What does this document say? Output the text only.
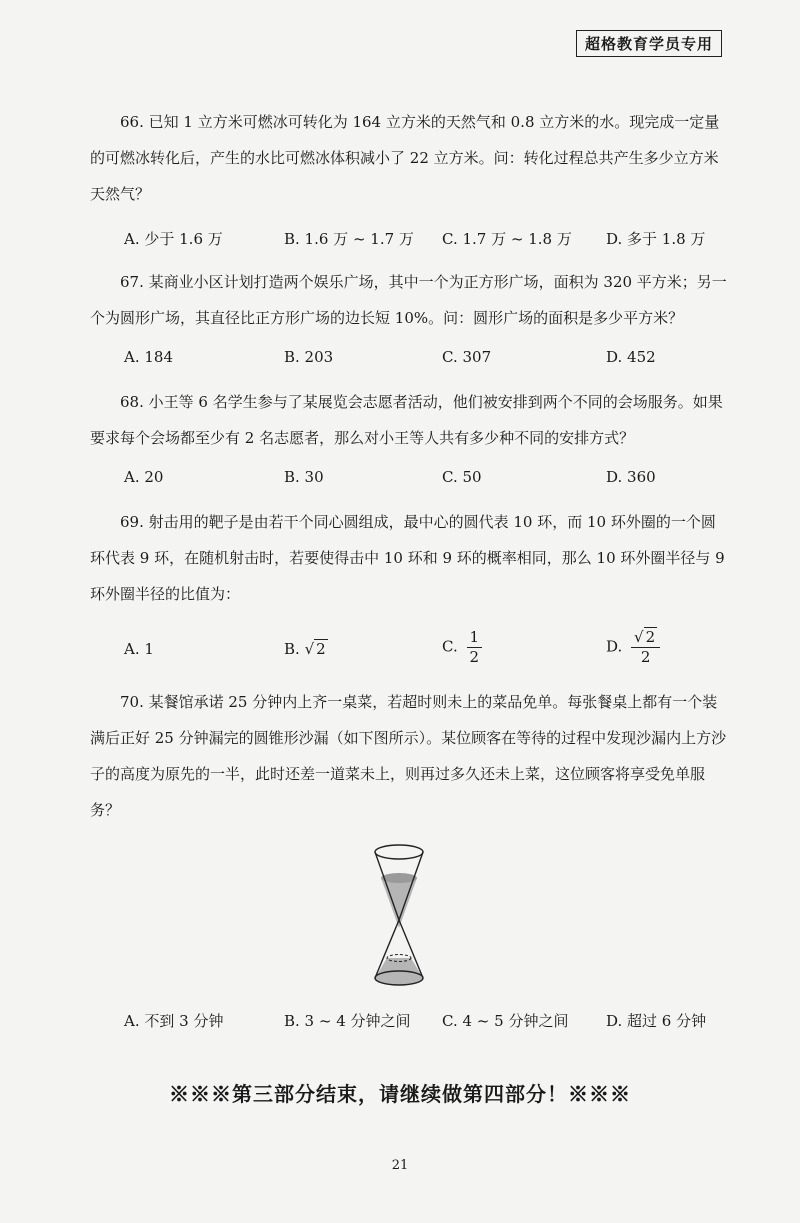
超格教育学员专用
66. 已知 1 立方米可燃冰可转化为 164 立方米的天然气和 0.8 立方米的水。现完成一定量的可燃冰转化后，产生的水比可燃冰体积减小了 22 立方米。问：转化过程总共产生多少立方米天然气？
A. 少于 1.6 万	B. 1.6 万 ~ 1.7 万 C. 1.7 万 ~ 1.8 万 D. 多于 1.8 万
67. 某商业小区计划打造两个娱乐广场，其中一个为正方形广场，面积为 320 平方米；另一个为圆形广场，其直径比正方形广场的边长短 10%。问：圆形广场的面积是多少平方米？
A. 184	B. 203	C. 307	D. 452
68. 小王等 6 名学生参与了某展览会志愿者活动，他们被安排到两个不同的会场服务。如果要求每个会场都至少有 2 名志愿者，那么对小王等人共有多少种不同的安排方式？
A. 20	B. 30	C. 50	D. 360
69. 射击用的靶子是由若干个同心圆组成，最中心的圆代表 10 环，而 10 环外圈的一个圆环代表 9 环，在随机射击时，若要使得击中 10 环和 9 环的概率相同，那么 10 环外圈半径与 9 环外圈半径的比值为：
A. 1	B. √ 2	C. $\frac{1}{2}$	D. $\frac{√ 2}{2}$
70. 某餐馆承诺 25 分钟内上齐一桌菜，若超时则未上的菜品免单。每张餐桌上都有一个装满后正好 25 分钟漏完的圆锥形沙漏（如下图所示）。某位顾客在等待的过程中发现沙漏内上方沙子的高度为原先的一半，此时还差一道菜未上，则再过多久还未上菜，这位顾客将享受免单服务？
A. 不到 3 分钟	B. 3 ~ 4 分钟之间 C. 4 ~ 5 分钟之间	D. 超过 6 分钟
※※※第三部分结束，请继续做第四部分！※※※
21
